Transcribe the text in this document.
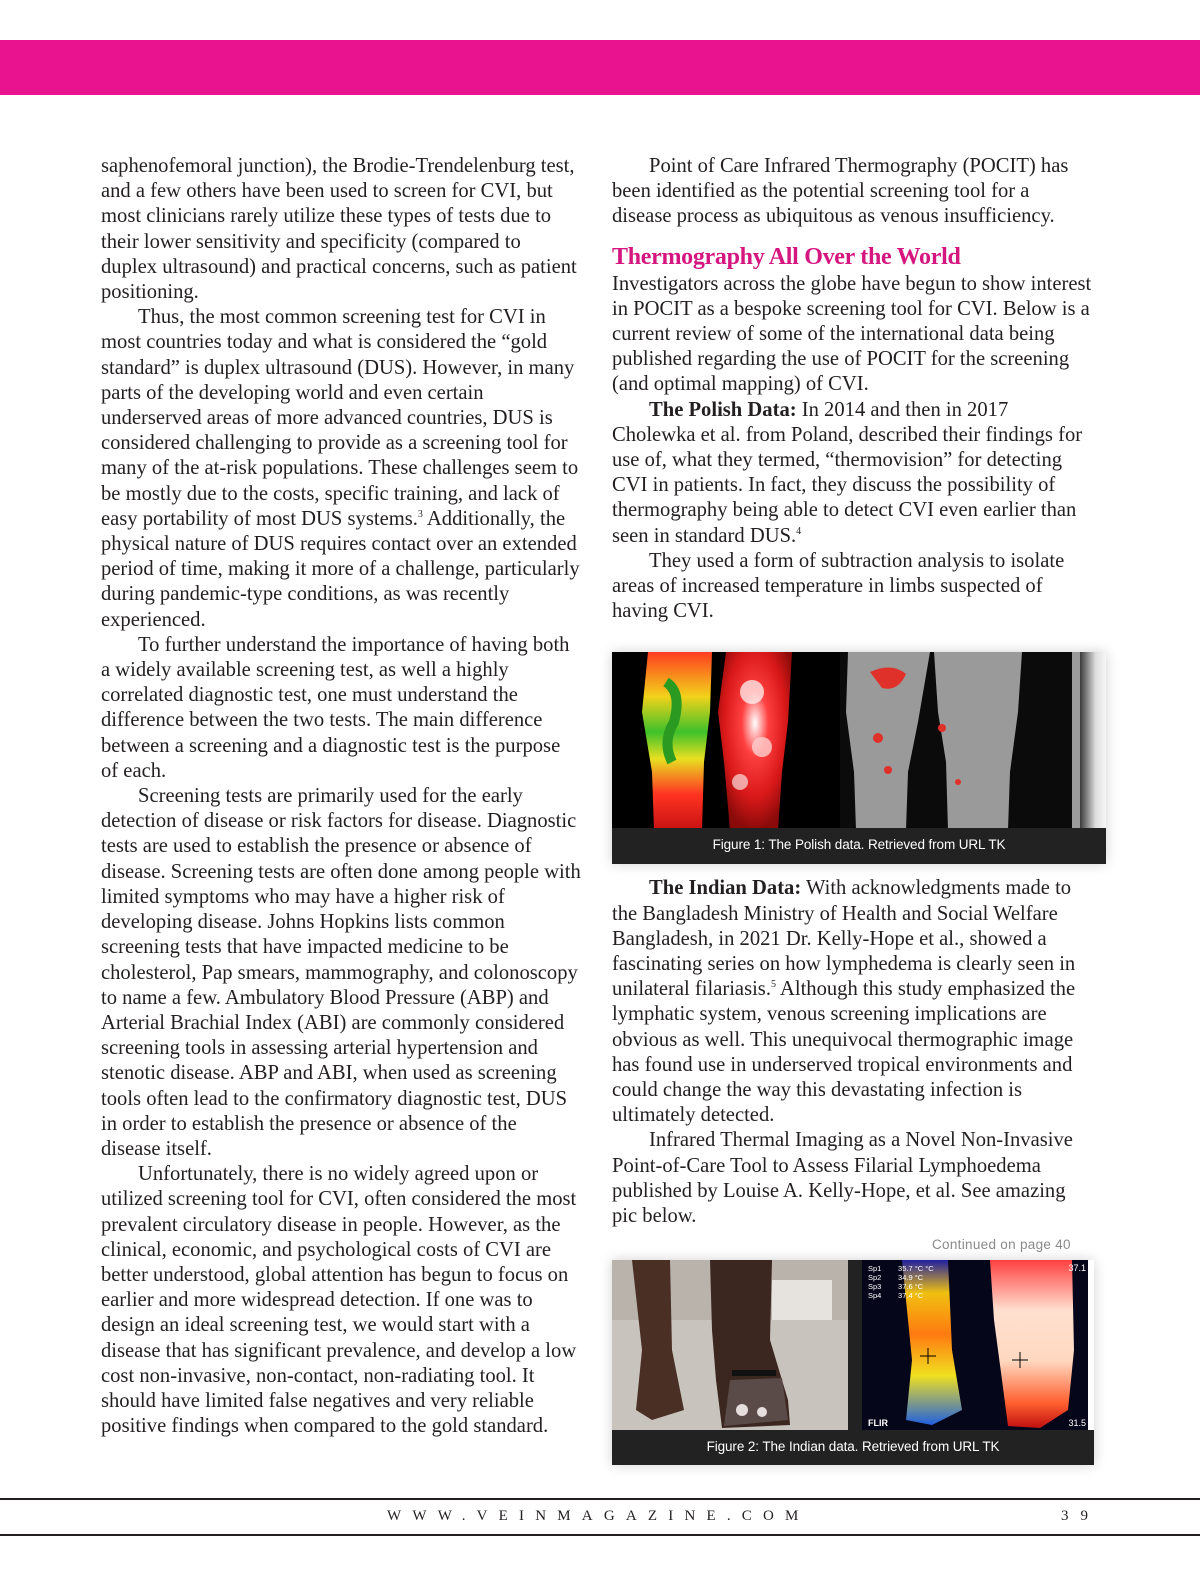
saphenofemoral junction), the Brodie-Trendelenburg test, and a few others have been used to screen for CVI, but most clinicians rarely utilize these types of tests due to their lower sensitivity and specificity (compared to duplex ultrasound) and practical concerns, such as patient positioning.

Thus, the most common screening test for CVI in most countries today and what is considered the “gold standard” is duplex ultrasound (DUS). However, in many parts of the developing world and even certain underserved areas of more advanced countries, DUS is considered challenging to provide as a screening tool for many of the at-risk populations. These challenges seem to be mostly due to the costs, specific training, and lack of easy portability of most DUS systems.$^3$ Additionally, the physical nature of DUS requires contact over an extended period of time, making it more of a challenge, particularly during pandemic-type conditions, as was recently experienced.

To further understand the importance of having both a widely available screening test, as well a highly correlated diagnostic test, one must understand the difference between the two tests. The main difference between a screening and a diagnostic test is the purpose of each.

Screening tests are primarily used for the early detection of disease or risk factors for disease. Diagnostic tests are used to establish the presence or absence of disease. Screening tests are often done among people with limited symptoms who may have a higher risk of developing disease. Johns Hopkins lists common screening tests that have impacted medicine to be cholesterol, Pap smears, mammography, and colonoscopy to name a few. Ambulatory Blood Pressure (ABP) and Arterial Brachial Index (ABI) are commonly considered screening tools in assessing arterial hypertension and stenotic disease. ABP and ABI, when used as screening tools often lead to the confirmatory diagnostic test, DUS in order to establish the presence or absence of the disease itself.

Unfortunately, there is no widely agreed upon or utilized screening tool for CVI, often considered the most prevalent circulatory disease in people. However, as the clinical, economic, and psychological costs of CVI are better understood, global attention has begun to focus on earlier and more widespread detection. If one was to design an ideal screening test, we would start with a disease that has significant prevalence, and develop a low cost non-invasive, non-contact, non-radiating tool. It should have limited false negatives and very reliable positive findings when compared to the gold standard.

Point of Care Infrared Thermography (POCIT) has been identified as the potential screening tool for a disease process as ubiquitous as venous insufficiency.

Thermography All Over the World

Investigators across the globe have begun to show interest in POCIT as a bespoke screening tool for CVI. Below is a current review of some of the international data being published regarding the use of POCIT for the screening (and optimal mapping) of CVI.

The Polish Data: In 2014 and then in 2017 Cholewka et al. from Poland, described their findings for use of, what they termed, “thermovision” for detecting CVI in patients. In fact, they discuss the possibility of thermography being able to detect CVI even earlier than seen in standard DUS.$^4$

They used a form of subtraction analysis to isolate areas of increased temperature in limbs suspected of having CVI.

The Indian Data: With acknowledgments made to the Bangladesh Ministry of Health and Social Welfare Bangladesh, in 2021 Dr. Kelly-Hope et al., showed a fascinating series on how lymphedema is clearly seen in unilateral filariasis.$^5$ Although this study emphasized the lymphatic system, venous screening implications are obvious as well. This unequivocal thermographic image has found use in underserved tropical environments and could change the way this devastating infection is ultimately detected.

Infrared Thermal Imaging as a Novel Non-Invasive Point-of-Care Tool to Assess Filarial Lymphoedema published by Louise A. Kelly-Hope, et al. See amazing pic below.

Continued on page 40
Figure 1: The Polish data. Retrieved from URL TK
Sp1 35.7 °C °C
Sp2 34.9 °C
Sp3 37.6 °C
Sp4 37.4 °C
37.1
31.5
FLIR
Figure 2: The Indian data. Retrieved from URL TK
WWW.VEINMAGAZINE.COM	39
